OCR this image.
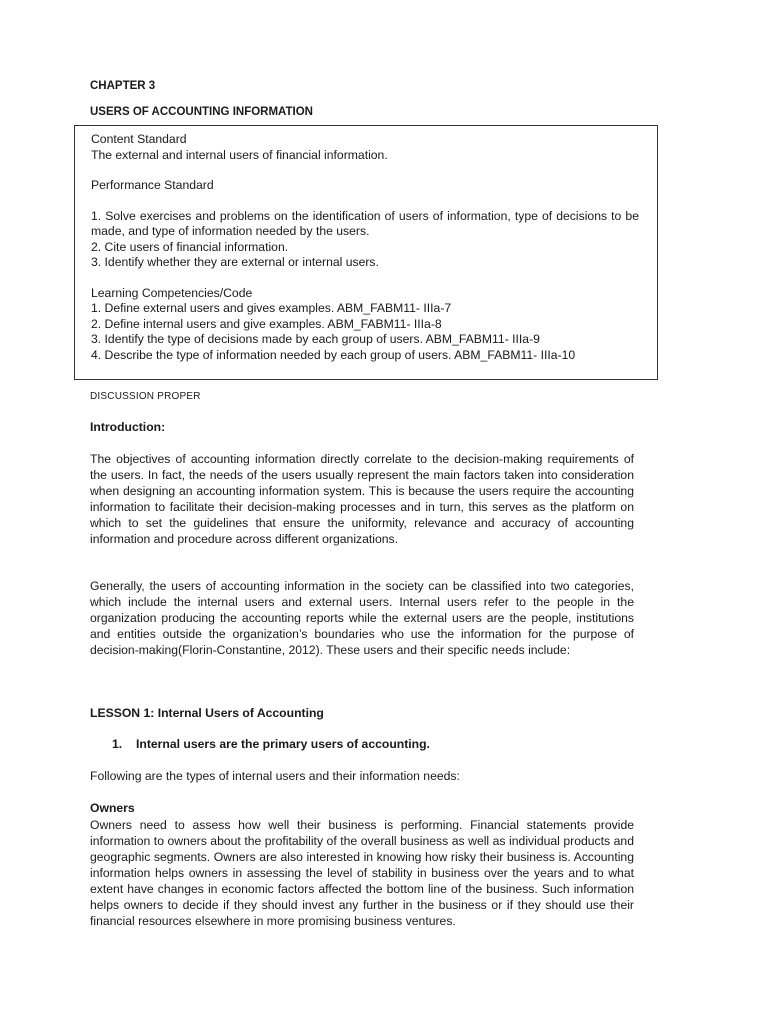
CHAPTER 3

USERS OF ACCOUNTING INFORMATION

Content Standard

The external and internal users of financial information.

Performance Standard

1. Solve exercises and problems on the identification of users of information, type of decisions to be made, and type of information needed by the users.

2. Cite users of financial information.

3. Identify whether they are external or internal users.

Learning Competencies/Code

1. Define external users and gives examples. ABM_FABM11- IIIa-7

2. Define internal users and give examples. ABM_FABM11- IIIa-8

3. Identify the type of decisions made by each group of users. ABM_FABM11- IIIa-9

4. Describe the type of information needed by each group of users. ABM_FABM11- IIIa-10

DISCUSSION PROPER

Introduction:

The objectives of accounting information directly correlate to the decision-making requirements of the users. In fact, the needs of the users usually represent the main factors taken into consideration when designing an accounting information system. This is because the users require the accounting information to facilitate their decision-making processes and in turn, this serves as the platform on which to set the guidelines that ensure the uniformity, relevance and accuracy of accounting information and procedure across different organizations.

Generally, the users of accounting information in the society can be classified into two categories, which include the internal users and external users. Internal users refer to the people in the organization producing the accounting reports while the external users are the people, institutions and entities outside the organization’s boundaries who use the information for the purpose of decision-making(Florin-Constantine, 2012). These users and their specific needs include:

LESSON 1: Internal Users of Accounting

1. Internal users are the primary users of accounting.

Following are the types of internal users and their information needs:

Owners

Owners need to assess how well their business is performing. Financial statements provide information to owners about the profitability of the overall business as well as individual products and geographic segments. Owners are also interested in knowing how risky their business is. Accounting information helps owners in assessing the level of stability in business over the years and to what extent have changes in economic factors affected the bottom line of the business. Such information helps owners to decide if they should invest any further in the business or if they should use their financial resources elsewhere in more promising business ventures.
